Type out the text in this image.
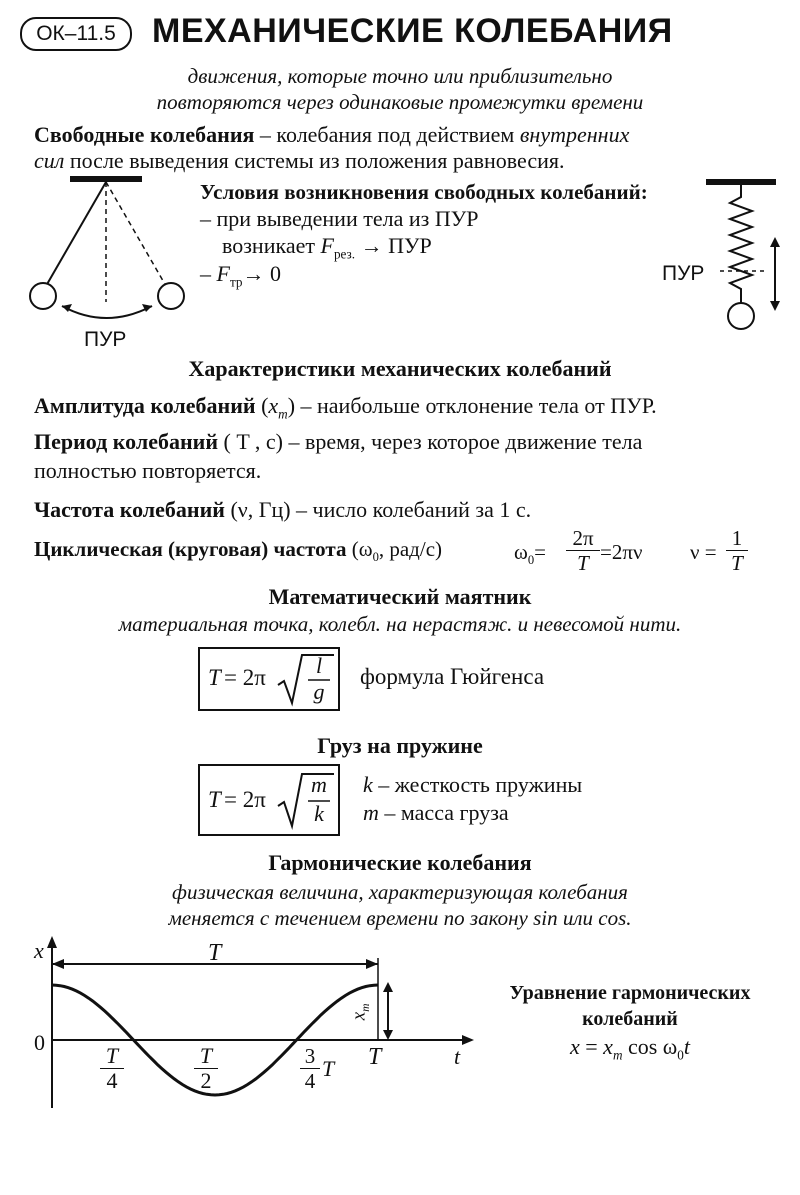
ОК–11.5	МЕХАНИЧЕСКИЕ КОЛЕБАНИЯ
движения, которые точно или приблизительно
повторяются через одинаковые промежутки времени
Свободные колебания – колебания под действием внутренних
сил после выведения системы из положения равновесия.
ПУР
Условия возникновения свободных колебаний:
– при выведении тела из ПУР
возникает $F_{рез.}$ → ПУР
– $F_{тр}\to 0$	ПУР
Характеристики механических колебаний
Амплитуда колебаний $(x_m)$ – наибольше отклонение тела от ПУР.
Период колебаний ( T , с) – время, через которое движение тела
полностью повторяется.
Частота колебаний (ν, Гц) – число колебаний за 1 с.
Циклическая (круговая) частота ($\omega_0$, рад/с)	$\omega_0= \frac{2\pi}{T} =2\pi\nu$ $\nu = \frac{1}{T}$
Математический маятник
материальная точка, колебл. на нерастяж. и невесомой нити.
T = 2π	l
g
формула Гюйгенса
Груз на пружине
T = 2π
m
k
k – жесткость пружины
m – масса груза
Гармонические колебания
физическая величина, характеризующая колебания
меняется с течением времени по закону sin или cos.
x
t
0
T
$x_m$
$\frac{T}{4}$	$\frac{T}{2}$	$\frac{3}{4}$ T T
Уравнение гармонических
колебаний
$x = x_m$ $\cos \omega_0t$
